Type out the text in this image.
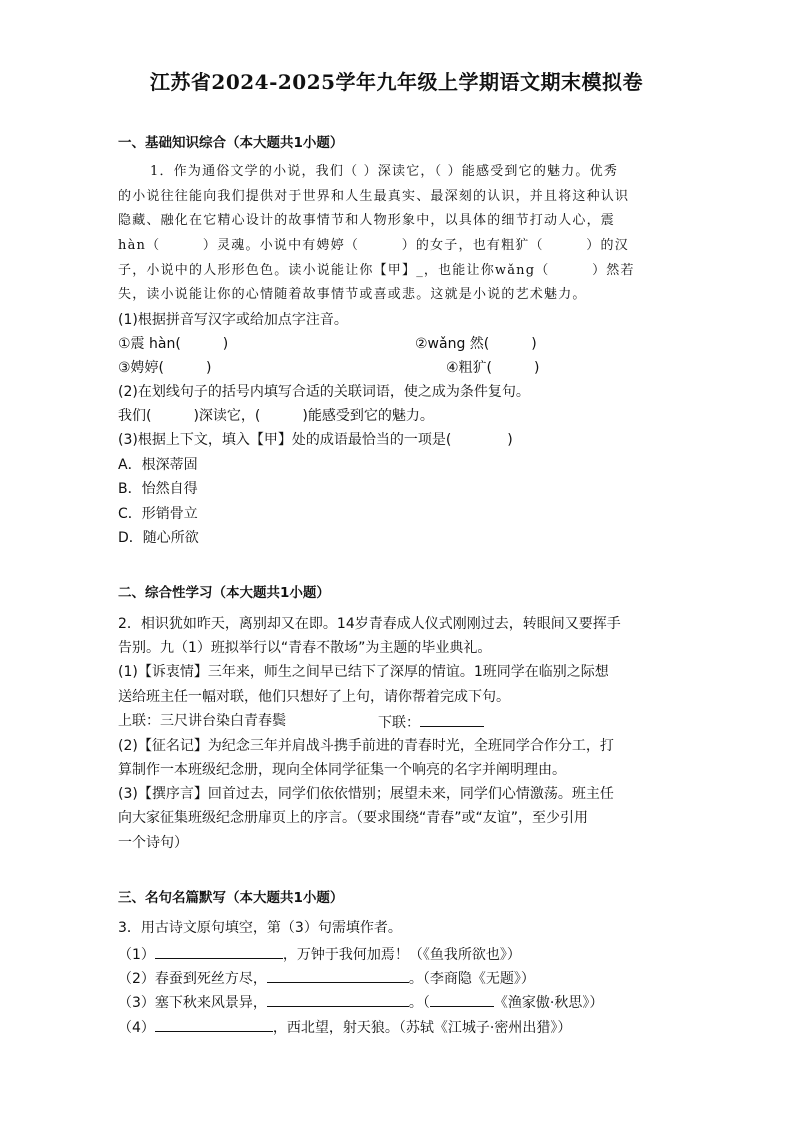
江苏省2024-2025学年九年级上学期语文期末模拟卷
一、基础知识综合（本大题共1小题）
1．作为通俗文学的小说，我们（ ）深读它，（ ）能感受到它的魅力。优秀
的小说往往能向我们提供对于世界和人生最真实、最深刻的认识，并且将这种认识
隐藏、融化在它精心设计的故事情节和人物形象中，以具体的细节打动人心，震
hàn（　　　）灵魂。小说中有娉婷（　　　）的女子，也有粗犷（　　　）的汉
子，小说中的人形形色色。读小说能让你【甲】_，也能让你wǎng（　　　）然若
失，读小说能让你的心情随着故事情节或喜或悲。这就是小说的艺术魅力。
(1)根据拼音写汉字或给加点字注音。
①震 hàn(　　　)	②wǎng 然(　　　)
③娉婷(　　　)	④粗犷(　　　)
(2)在划线句子的括号内填写合适的关联词语，使之成为条件复句。
我们(　　　)深读它，(　　　)能感受到它的魅力。
(3)根据上下文，填入【甲】处的成语最恰当的一项是(　　　　)
A．根深蒂固
B．怡然自得
C．形销骨立
D．随心所欲
二、综合性学习（本大题共1小题）
2．相识犹如昨天，离别却又在即。14岁青春成人仪式刚刚过去，转眼间又要挥手
告别。九（1）班拟举行以“青春不散场”为主题的毕业典礼。
(1)【诉衷情】三年来，师生之间早已结下了深厚的情谊。1班同学在临别之际想
送给班主任一幅对联，他们只想好了上句，请你帮着完成下句。
上联：三尺讲台染白青春鬓	下联：
(2)【征名记】为纪念三年并肩战斗携手前进的青春时光，全班同学合作分工，打
算制作一本班级纪念册，现向全体同学征集一个响亮的名字并阐明理由。
(3)【撰序言】回首过去，同学们依依惜别；展望未来，同学们心情激荡。班主任
向大家征集班级纪念册扉页上的序言。（要求围绕“青春”或“友谊”，至少引用
一个诗句）
三、名句名篇默写（本大题共1小题）
3．用古诗文原句填空，第（3）句需填作者。
（1）	，万钟于我何加焉！（《鱼我所欲也》）
（2）春蚕到死丝方尽，	。（李商隐《无题》）
（3）塞下秋来风景异，	。（	《渔家傲·秋思》）
（4）	，西北望，射天狼。（苏轼《江城子·密州出猎》）
